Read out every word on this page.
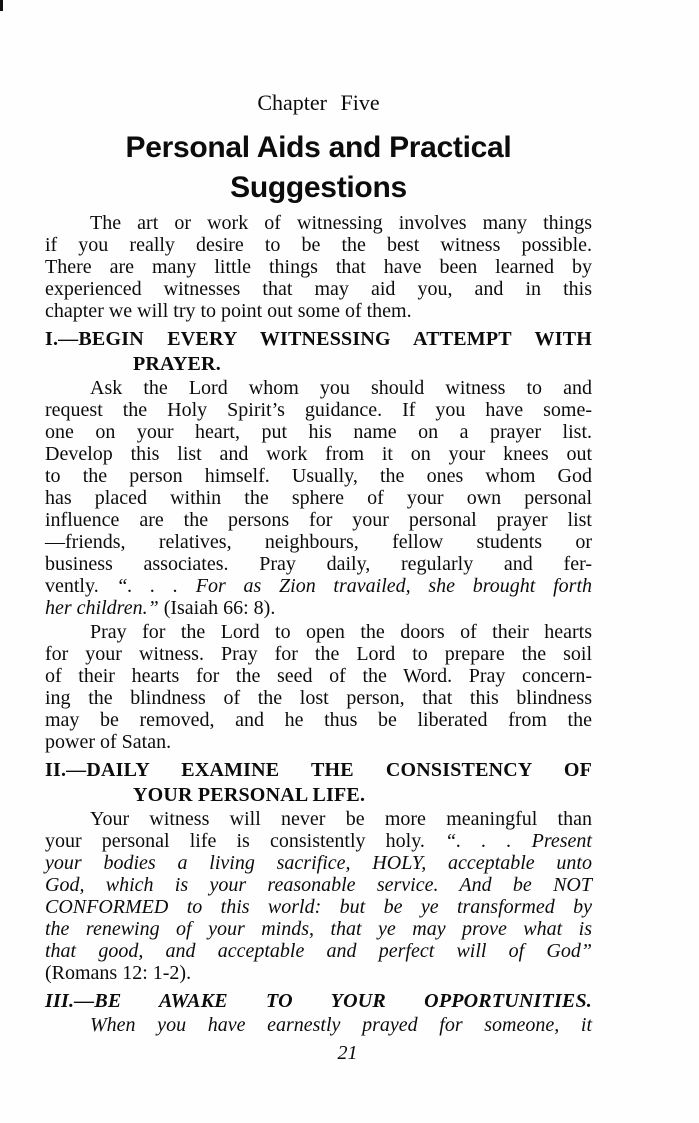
Chapter Five
Personal Aids and Practical
Suggestions
The art or work of witnessing involves many things
if you really desire to be the best witness possible.
There are many little things that have been learned by
experienced witnesses that may aid you, and in this
chapter we will try to point out some of them.
I.—BEGIN EVERY WITNESSING ATTEMPT WITH
PRAYER.
Ask the Lord whom you should witness to and
request the Holy Spirit’s guidance. If you have some-
one on your heart, put his name on a prayer list.
Develop this list and work from it on your knees out
to the person himself. Usually, the ones whom God
has placed within the sphere of your own personal
influence are the persons for your personal prayer list
—friends, relatives, neighbours, fellow students or
business associates. Pray daily, regularly and fer-
vently. “. . . For as Zion travailed, she brought forth
her children.” (Isaiah 66: 8).
Pray for the Lord to open the doors of their hearts
for your witness. Pray for the Lord to prepare the soil
of their hearts for the seed of the Word. Pray concern-
ing the blindness of the lost person, that this blindness
may be removed, and he thus be liberated from the
power of Satan.
II.—DAILY EXAMINE THE CONSISTENCY OF
YOUR PERSONAL LIFE.
Your witness will never be more meaningful than
your personal life is consistently holy. “. . . Present
your bodies a living sacrifice, HOLY, acceptable unto
God, which is your reasonable service. And be NOT
CONFORMED to this world: but be ye transformed by
the renewing of your minds, that ye may prove what is
that good, and acceptable and perfect will of God”
(Romans 12: 1-2).
III.—BE AWAKE TO YOUR OPPORTUNITIES.
When you have earnestly prayed for someone, it
21
